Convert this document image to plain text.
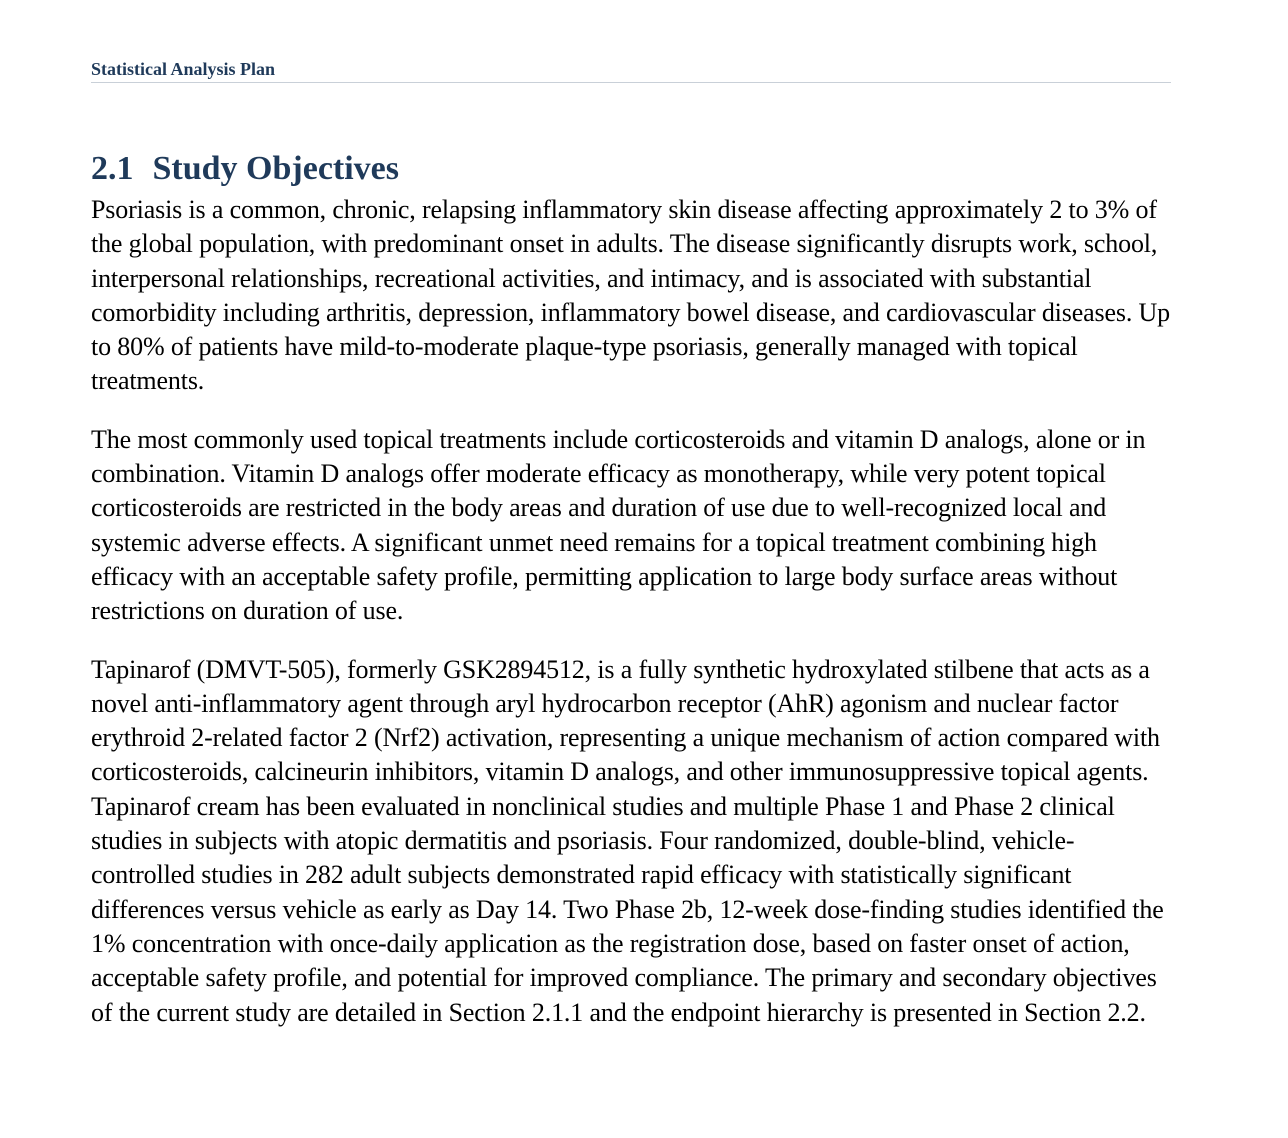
Statistical Analysis Plan
2.1 Study Objectives

Psoriasis is a common, chronic, relapsing inflammatory skin disease affecting approximately 2 to 3% of the global population, with predominant onset in adults. The disease significantly disrupts work, school, interpersonal relationships, recreational activities, and intimacy, and is associated with substantial comorbidity including arthritis, depression, inflammatory bowel disease, and cardiovascular diseases. Up to 80% of patients have mild-to-moderate plaque-type psoriasis, generally managed with topical treatments.

The most commonly used topical treatments include corticosteroids and vitamin D analogs, alone or in combination. Vitamin D analogs offer moderate efficacy as monotherapy, while very potent topical corticosteroids are restricted in the body areas and duration of use due to well-recognized local and systemic adverse effects. A significant unmet need remains for a topical treatment combining high efficacy with an acceptable safety profile, permitting application to large body surface areas without restrictions on duration of use.

Tapinarof (DMVT-505), formerly GSK2894512, is a fully synthetic hydroxylated stilbene that acts as a novel anti-inflammatory agent through aryl hydrocarbon receptor (AhR) agonism and nuclear factor erythroid 2-related factor 2 (Nrf2) activation, representing a unique mechanism of action compared with corticosteroids, calcineurin inhibitors, vitamin D analogs, and other immunosuppressive topical agents. Tapinarof cream has been evaluated in nonclinical studies and multiple Phase 1 and Phase 2 clinical studies in subjects with atopic dermatitis and psoriasis. Four randomized, double-blind, vehicle-controlled studies in 282 adult subjects demonstrated rapid efficacy with statistically significant differences versus vehicle as early as Day 14. Two Phase 2b, 12-week dose-finding studies identified the 1% concentration with once-daily application as the registration dose, based on faster onset of action, acceptable safety profile, and potential for improved compliance. The primary and secondary objectives of the current study are detailed in Section 2.1.1 and the endpoint hierarchy is presented in Section 2.2.
